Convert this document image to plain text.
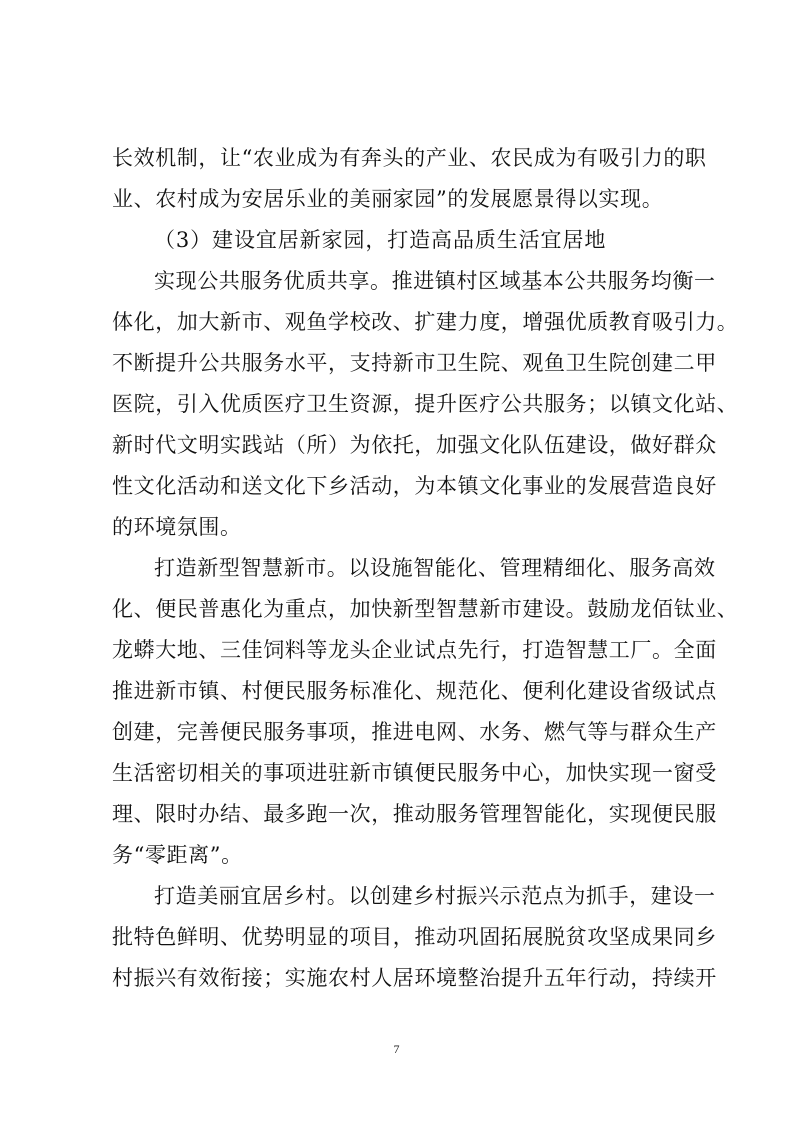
长效机制，让“农业成为有奔头的产业、农民成为有吸引力的职
业、农村成为安居乐业的美丽家园”的发展愿景得以实现。
（3）建设宜居新家园，打造高品质生活宜居地
实现公共服务优质共享。推进镇村区域基本公共服务均衡一
体化，加大新市、观鱼学校改、扩建力度，增强优质教育吸引力。
不断提升公共服务水平，支持新市卫生院、观鱼卫生院创建二甲
医院，引入优质医疗卫生资源，提升医疗公共服务；以镇文化站、
新时代文明实践站（所）为依托，加强文化队伍建设，做好群众
性文化活动和送文化下乡活动，为本镇文化事业的发展营造良好
的环境氛围。
打造新型智慧新市。以设施智能化、管理精细化、服务高效
化、便民普惠化为重点，加快新型智慧新市建设。鼓励龙佰钛业、
龙蟒大地、三佳饲料等龙头企业试点先行，打造智慧工厂。全面
推进新市镇、村便民服务标准化、规范化、便利化建设省级试点
创建，完善便民服务事项，推进电网、水务、燃气等与群众生产
生活密切相关的事项进驻新市镇便民服务中心，加快实现一窗受
理、限时办结、最多跑一次，推动服务管理智能化，实现便民服
务“零距离”。
打造美丽宜居乡村。以创建乡村振兴示范点为抓手，建设一
批特色鲜明、优势明显的项目，推动巩固拓展脱贫攻坚成果同乡
村振兴有效衔接；实施农村人居环境整治提升五年行动，持续开
7
